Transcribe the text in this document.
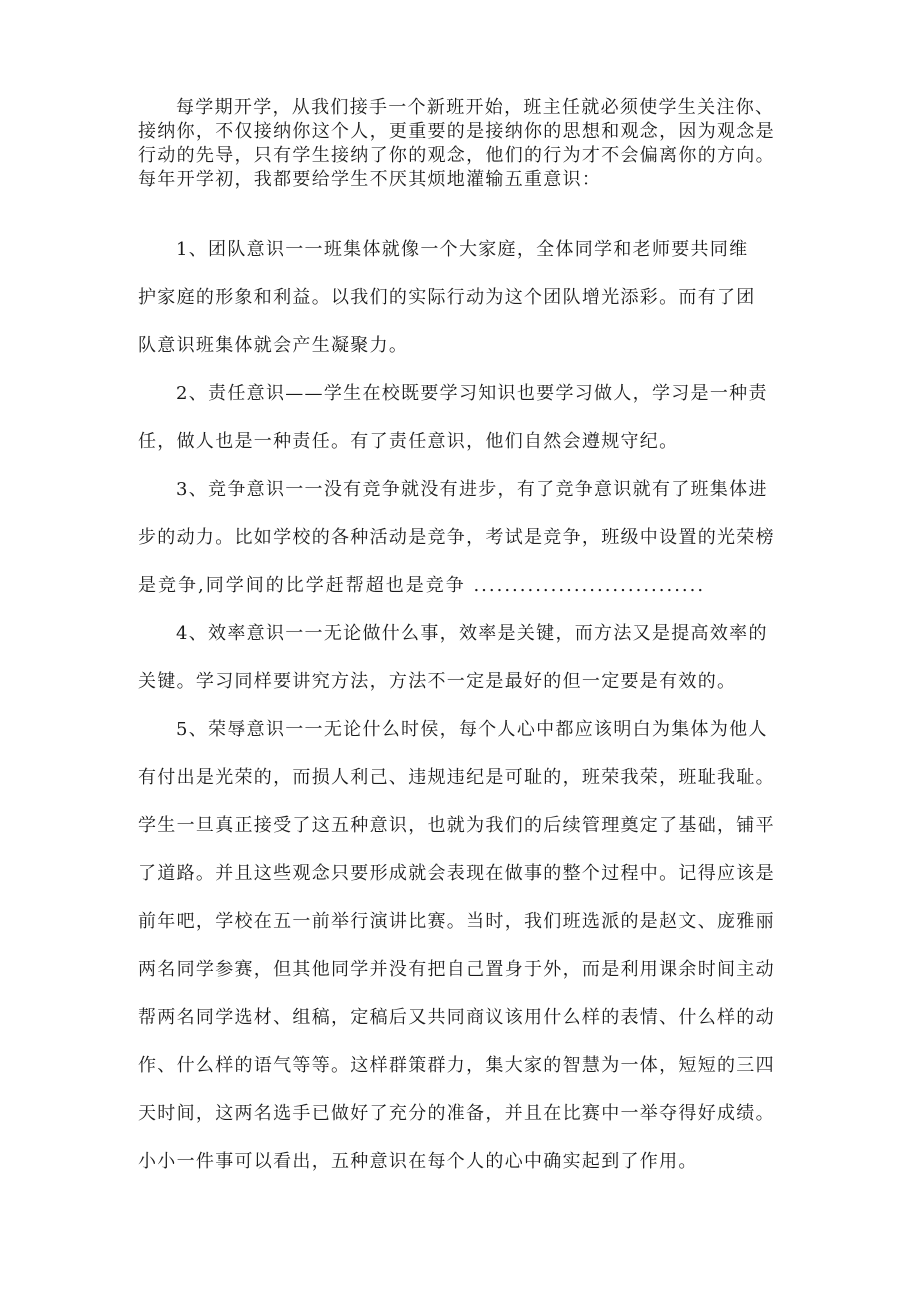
每学期开学，从我们接手一个新班开始，班主任就必须使学生关注你、
接纳你，不仅接纳你这个人，更重要的是接纳你的思想和观念，因为观念是
行动的先导，只有学生接纳了你的观念，他们的行为才不会偏离你的方向。
每年开学初，我都要给学生不厌其烦地灌输五重意识：

1、团队意识一一班集体就像一个大家庭，全体同学和老师要共同维
护家庭的形象和利益。以我们的实际行动为这个团队增光添彩。而有了团
队意识班集体就会产生凝聚力。
2、责任意识——学生在校既要学习知识也要学习做人，学习是一种责
任，做人也是一种责任。有了责任意识，他们自然会遵规守纪。
3、竞争意识一一没有竞争就没有进步，有了竞争意识就有了班集体进
步的动力。比如学校的各种活动是竞争，考试是竞争，班级中设置的光荣榜
是竞争,同学间的比学赶帮超也是竞争 ..............................
4、效率意识一一无论做什么事，效率是关键，而方法又是提高效率的
关键。学习同样要讲究方法，方法不一定是最好的但一定要是有效的。
5、荣辱意识一一无论什么时侯，每个人心中都应该明白为集体为他人
有付出是光荣的，而损人利己、违规违纪是可耻的，班荣我荣，班耻我耻。
学生一旦真正接受了这五种意识，也就为我们的后续管理奠定了基础，铺平
了道路。并且这些观念只要形成就会表现在做事的整个过程中。记得应该是
前年吧，学校在五一前举行演讲比赛。当时，我们班选派的是赵文、庞雅丽
两名同学参赛，但其他同学并没有把自己置身于外，而是利用课余时间主动
帮两名同学选材、组稿，定稿后又共同商议该用什么样的表情、什么样的动
作、什么样的语气等等。这样群策群力，集大家的智慧为一体，短短的三四
天时间，这两名选手已做好了充分的准备，并且在比赛中一举夺得好成绩。
小小一件事可以看出，五种意识在每个人的心中确实起到了作用。
